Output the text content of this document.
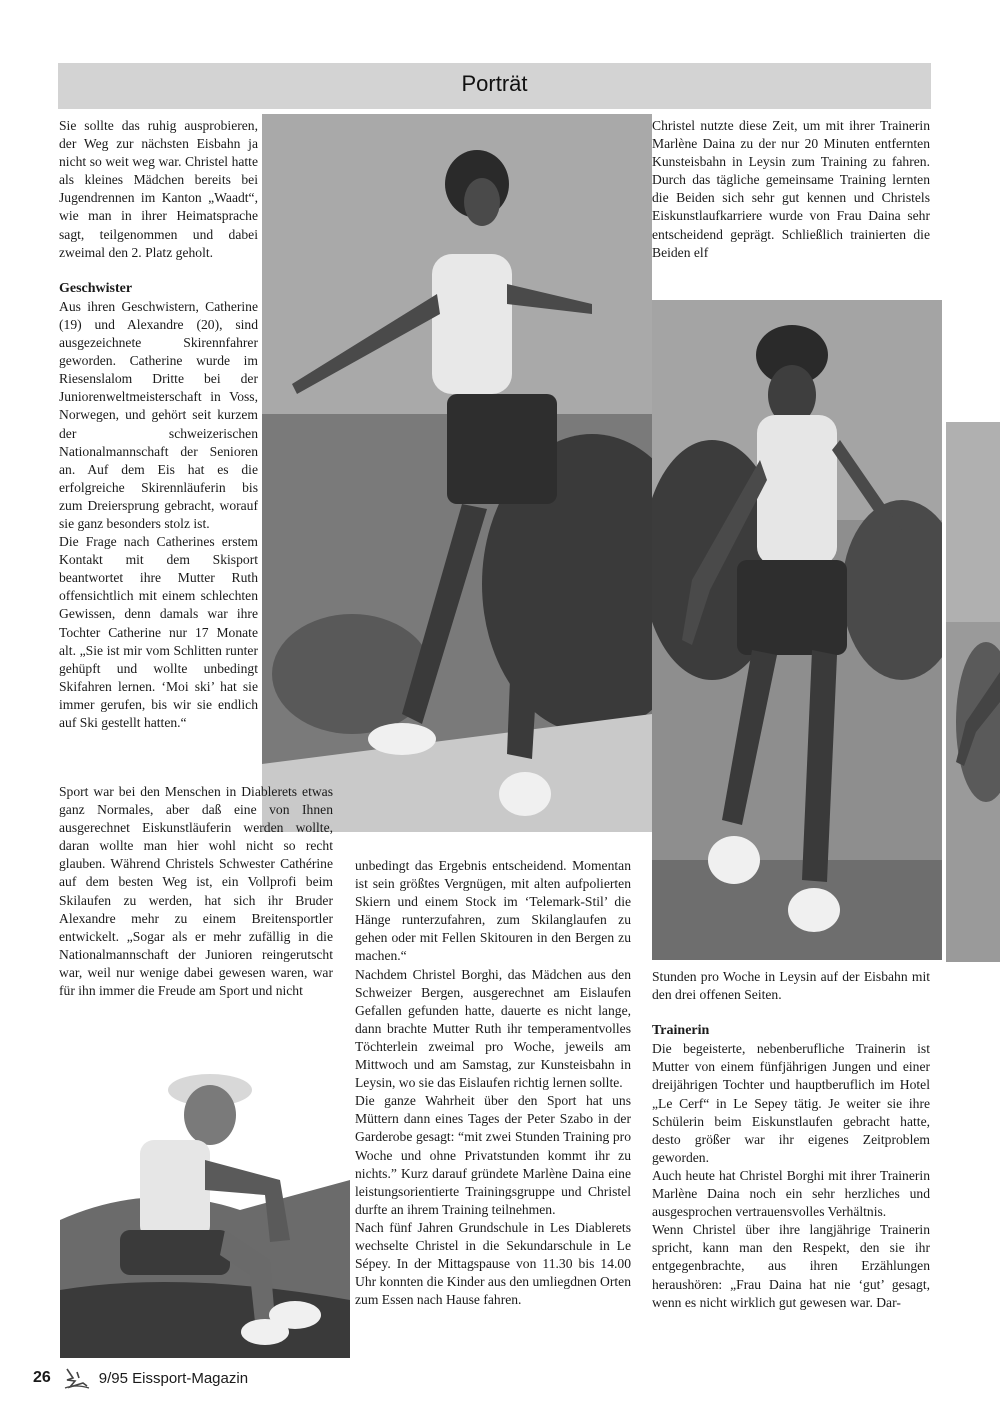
Porträt

Sie sollte das ruhig ausprobieren, der Weg zur nächsten Eisbahn ja nicht so weit weg war. Christel hatte als kleines Mädchen bereits bei Jugendrennen im Kanton „Waadt“, wie man in ihrer Heimatsprache sagt, teilgenommen und dabei zweimal den 2. Platz geholt.

Geschwister

Aus ihren Geschwistern, Catherine (19) und Alexandre (20), sind ausgezeichnete Skirennfahrer geworden. Catherine wurde im Riesenslalom Dritte bei der Juniorenweltmeisterschaft in Voss, Norwegen, und gehört seit kurzem der schweizerischen Nationalmannschaft der Senioren an. Auf dem Eis hat es die erfolgreiche Skirennläuferin bis zum Dreiersprung gebracht, worauf sie ganz besonders stolz ist.

Die Frage nach Catherines erstem Kontakt mit dem Skisport beantwortet ihre Mutter Ruth offensichtlich mit einem schlechten Gewissen, denn damals war ihre Tochter Catherine nur 17 Monate alt. „Sie ist mir vom Schlitten runter gehüpft und wollte unbedingt Skifahren lernen. ‘Moi ski’ hat sie immer gerufen, bis wir sie endlich auf Ski gestellt hatten.“

Sport war bei den Menschen in Diablerets etwas ganz Normales, aber daß eine von Ihnen ausgerechnet Eiskunstläuferin werden wollte, daran wollte man hier wohl nicht so recht glauben. Während Christels Schwester Cathérine auf dem besten Weg ist, ein Vollprofi beim Skilaufen zu werden, hat sich ihr Bruder Alexandre mehr zu einem Breitensportler entwickelt. „Sogar als er mehr zufällig in die Nationalmannschaft der Junioren reingerutscht war, weil nur wenige dabei gewesen waren, war für ihn immer die Freude am Sport und nicht

unbedingt das Ergebnis entscheidend. Momentan ist sein größtes Vergnügen, mit alten aufpolierten Skiern und einem Stock im ‘Telemark-Stil’ die Hänge runterzufahren, zum Skilanglaufen zu gehen oder mit Fellen Skitouren in den Bergen zu machen.“

Nachdem Christel Borghi, das Mädchen aus den Schweizer Bergen, ausgerechnet am Eislaufen Gefallen gefunden hatte, dauerte es nicht lange, dann brachte Mutter Ruth ihr temperamentvolles Töchterlein zweimal pro Woche, jeweils am Mittwoch und am Samstag, zur Kunsteisbahn in Leysin, wo sie das Eislaufen richtig lernen sollte.

Die ganze Wahrheit über den Sport hat uns Müttern dann eines Tages der Peter Szabo in der Garderobe gesagt: “mit zwei Stunden Training pro Woche und ohne Privatstunden kommt ihr zu nichts.” Kurz darauf gründete Marlène Daina eine leistungsorientierte Trainingsgruppe und Christel durfte an ihrem Training teilnehmen.

Nach fünf Jahren Grundschule in Les Diablerets wechselte Christel in die Sekundarschule in Le Sépey. In der Mittagspause von 11.30 bis 14.00 Uhr konnten die Kinder aus den umliegdnen Orten zum Essen nach Hause fahren.

Christel nutzte diese Zeit, um mit ihrer Trainerin Marlène Daina zu der nur 20 Minuten entfernten Kunsteisbahn in Leysin zum Training zu fahren. Durch das tägliche gemeinsame Training lernten die Beiden sich sehr gut kennen und Christels Eiskunstlaufkarriere wurde von Frau Daina sehr entscheidend geprägt. Schließlich trainierten die Beiden elf

Stunden pro Woche in Leysin auf der Eisbahn mit den drei offenen Seiten.

Trainerin

Die begeisterte, nebenberufliche Trainerin ist Mutter von einem fünfjährigen Jungen und einer dreijährigen Tochter und hauptberuflich im Hotel „Le Cerf“ in Le Sepey tätig. Je weiter sie ihre Schülerin beim Eiskunstlaufen gebracht hatte, desto größer war ihr eigenes Zeitproblem geworden.

Auch heute hat Christel Borghi mit ihrer Trainerin Marlène Daina noch ein sehr herzliches und ausgesprochen vertrauensvolles Verhältnis.

Wenn Christel über ihre langjährige Trainerin spricht, kann man den Respekt, den sie ihr entgegenbrachte, aus ihren Erzählungen heraushören: „Frau Daina hat nie ‘gut’ gesagt, wenn es nicht wirklich gut gewesen war. Dar-

26	9/95 Eissport-Magazin
